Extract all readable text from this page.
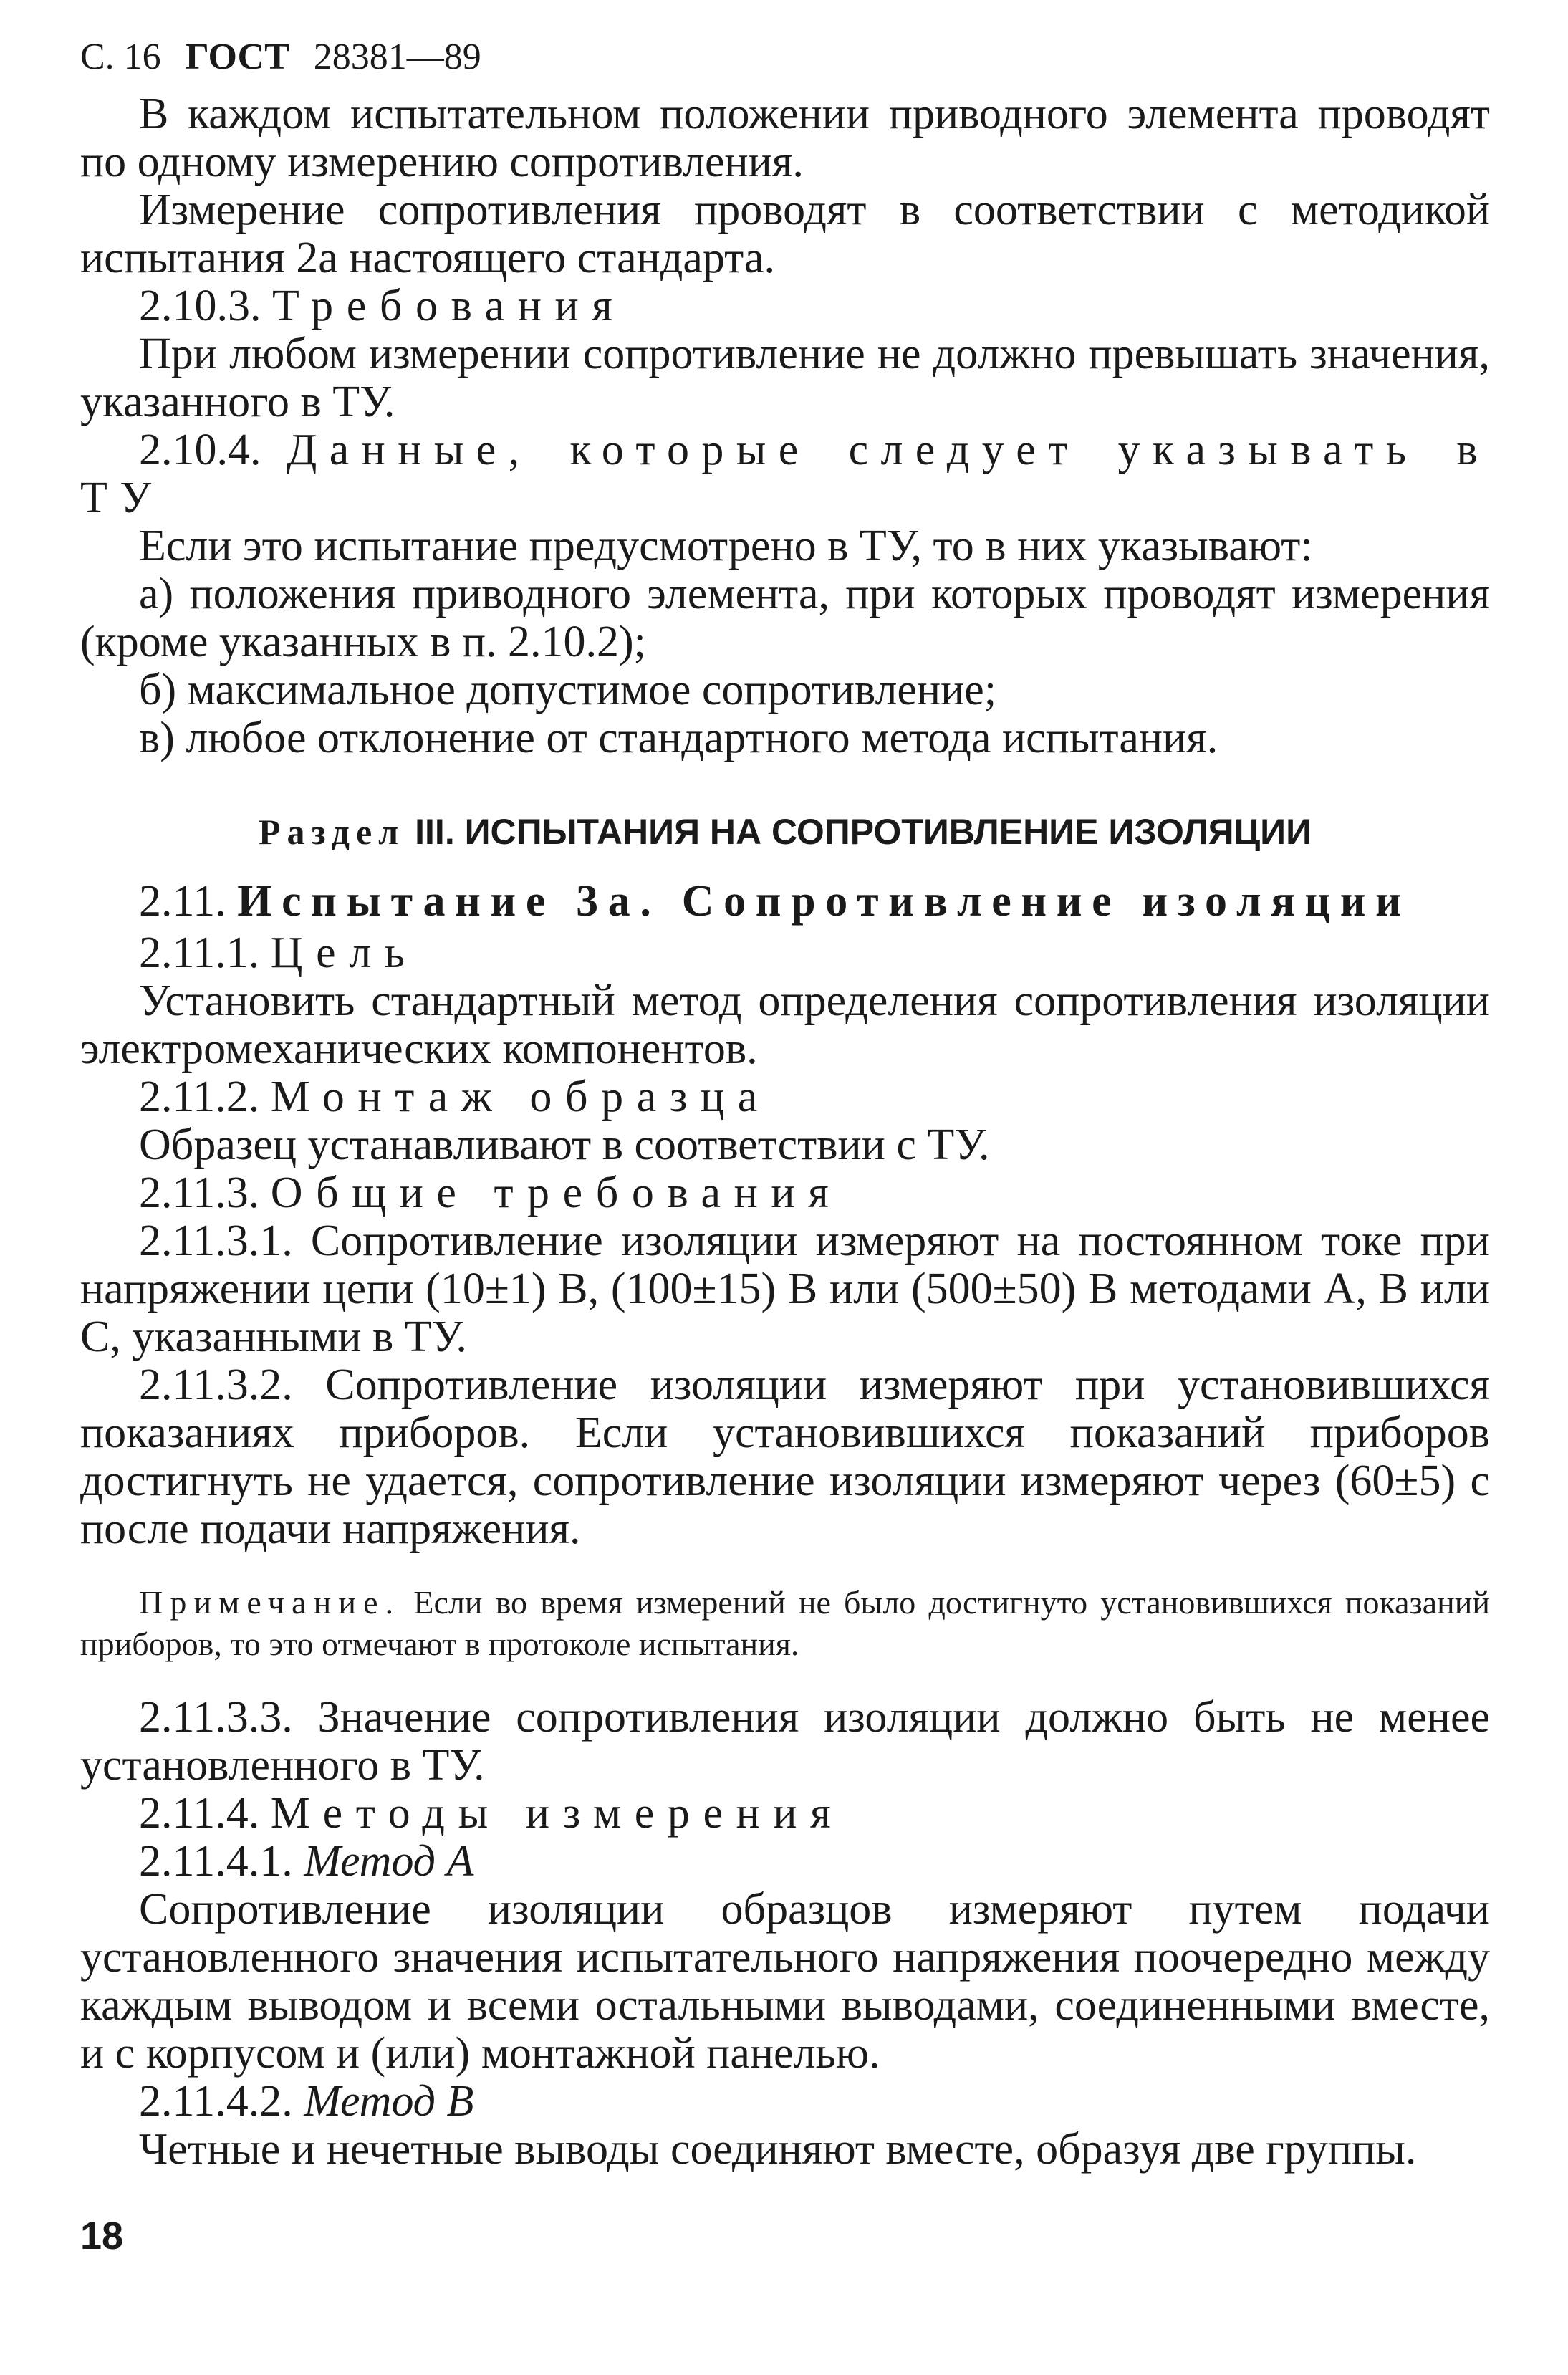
С. 16 ГОСТ 28381—89

В каждом испытательном положении приводного элемента проводят по одному измерению сопротивления.

Измерение сопротивления проводят в соответствии с методикой испытания 2а настоящего стандарта.

2.10.3. Требования

При любом измерении сопротивление не должно превышать значения, указанного в ТУ.

2.10.4. Данные, которые следует указывать в ТУ

Если это испытание предусмотрено в ТУ, то в них указывают:

а) положения приводного элемента, при которых проводят измерения (кроме указанных в п. 2.10.2);

б) максимальное допустимое сопротивление;

в) любое отклонение от стандартного метода испытания.

Раздел III. ИСПЫТАНИЯ НА СОПРОТИВЛЕНИЕ ИЗОЛЯЦИИ

2.11. Испытание 3а. Сопротивление изоляции

2.11.1. Цель

Установить стандартный метод определения сопротивления изоляции электромеханических компонентов.

2.11.2. Монтаж образца

Образец устанавливают в соответствии с ТУ.

2.11.3. Общие требования

2.11.3.1. Сопротивление изоляции измеряют на постоянном токе при напряжении цепи (10±1) В, (100±15) В или (500±50) В методами А, В или С, указанными в ТУ.

2.11.3.2. Сопротивление изоляции измеряют при установившихся показаниях приборов. Если установившихся показаний приборов достигнуть не удается, сопротивление изоляции измеряют через (60±5) с после подачи напряжения.

Примечание. Если во время измерений не было достигнуто установившихся показаний приборов, то это отмечают в протоколе испытания.

2.11.3.3. Значение сопротивления изоляции должно быть не менее установленного в ТУ.

2.11.4. Методы измерения

2.11.4.1. Метод А

Сопротивление изоляции образцов измеряют путем подачи установленного значения испытательного напряжения поочередно между каждым выводом и всеми остальными выводами, соединенными вместе, и с корпусом и (или) монтажной панелью.

2.11.4.2. Метод В

Четные и нечетные выводы соединяют вместе, образуя две группы.

18
